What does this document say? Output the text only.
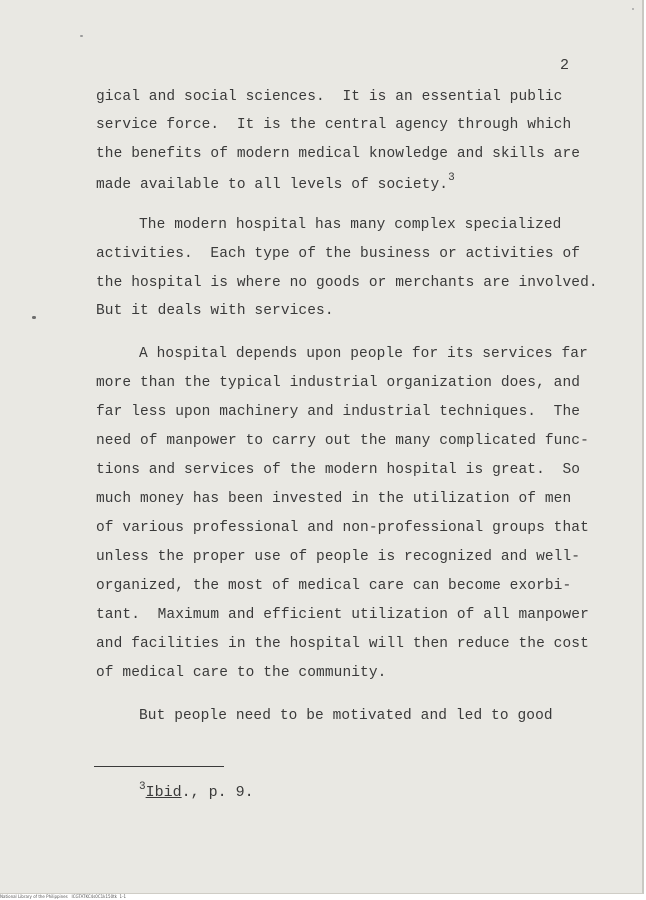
2
gical and social sciences.  It is an essential public
service force.  It is the central agency through which
the benefits of modern medical knowledge and skills are
made available to all levels of society.$^3$
The modern hospital has many complex specialized
activities.  Each type of the business or activities of
the hospital is where no goods or merchants are involved.
But it deals with services.
A hospital depends upon people for its services far
more than the typical industrial organization does, and
far less upon machinery and industrial techniques.  The
need of manpower to carry out the many complicated func-
tions and services of the modern hospital is great.  So
much money has been invested in the utilization of men
of various professional and non-professional groups that
unless the proper use of people is recognized and well-
organized, the most of medical care can become exorbi-
tant.  Maximum and efficient utilization of all manpower
and facilities in the hospital will then reduce the cost
of medical care to the community.
But people need to be motivated and led to good
$^3$Ibid., p. 9.
National Library of the Philippines   ICGTATKC4s0C1k150tk  1-1
